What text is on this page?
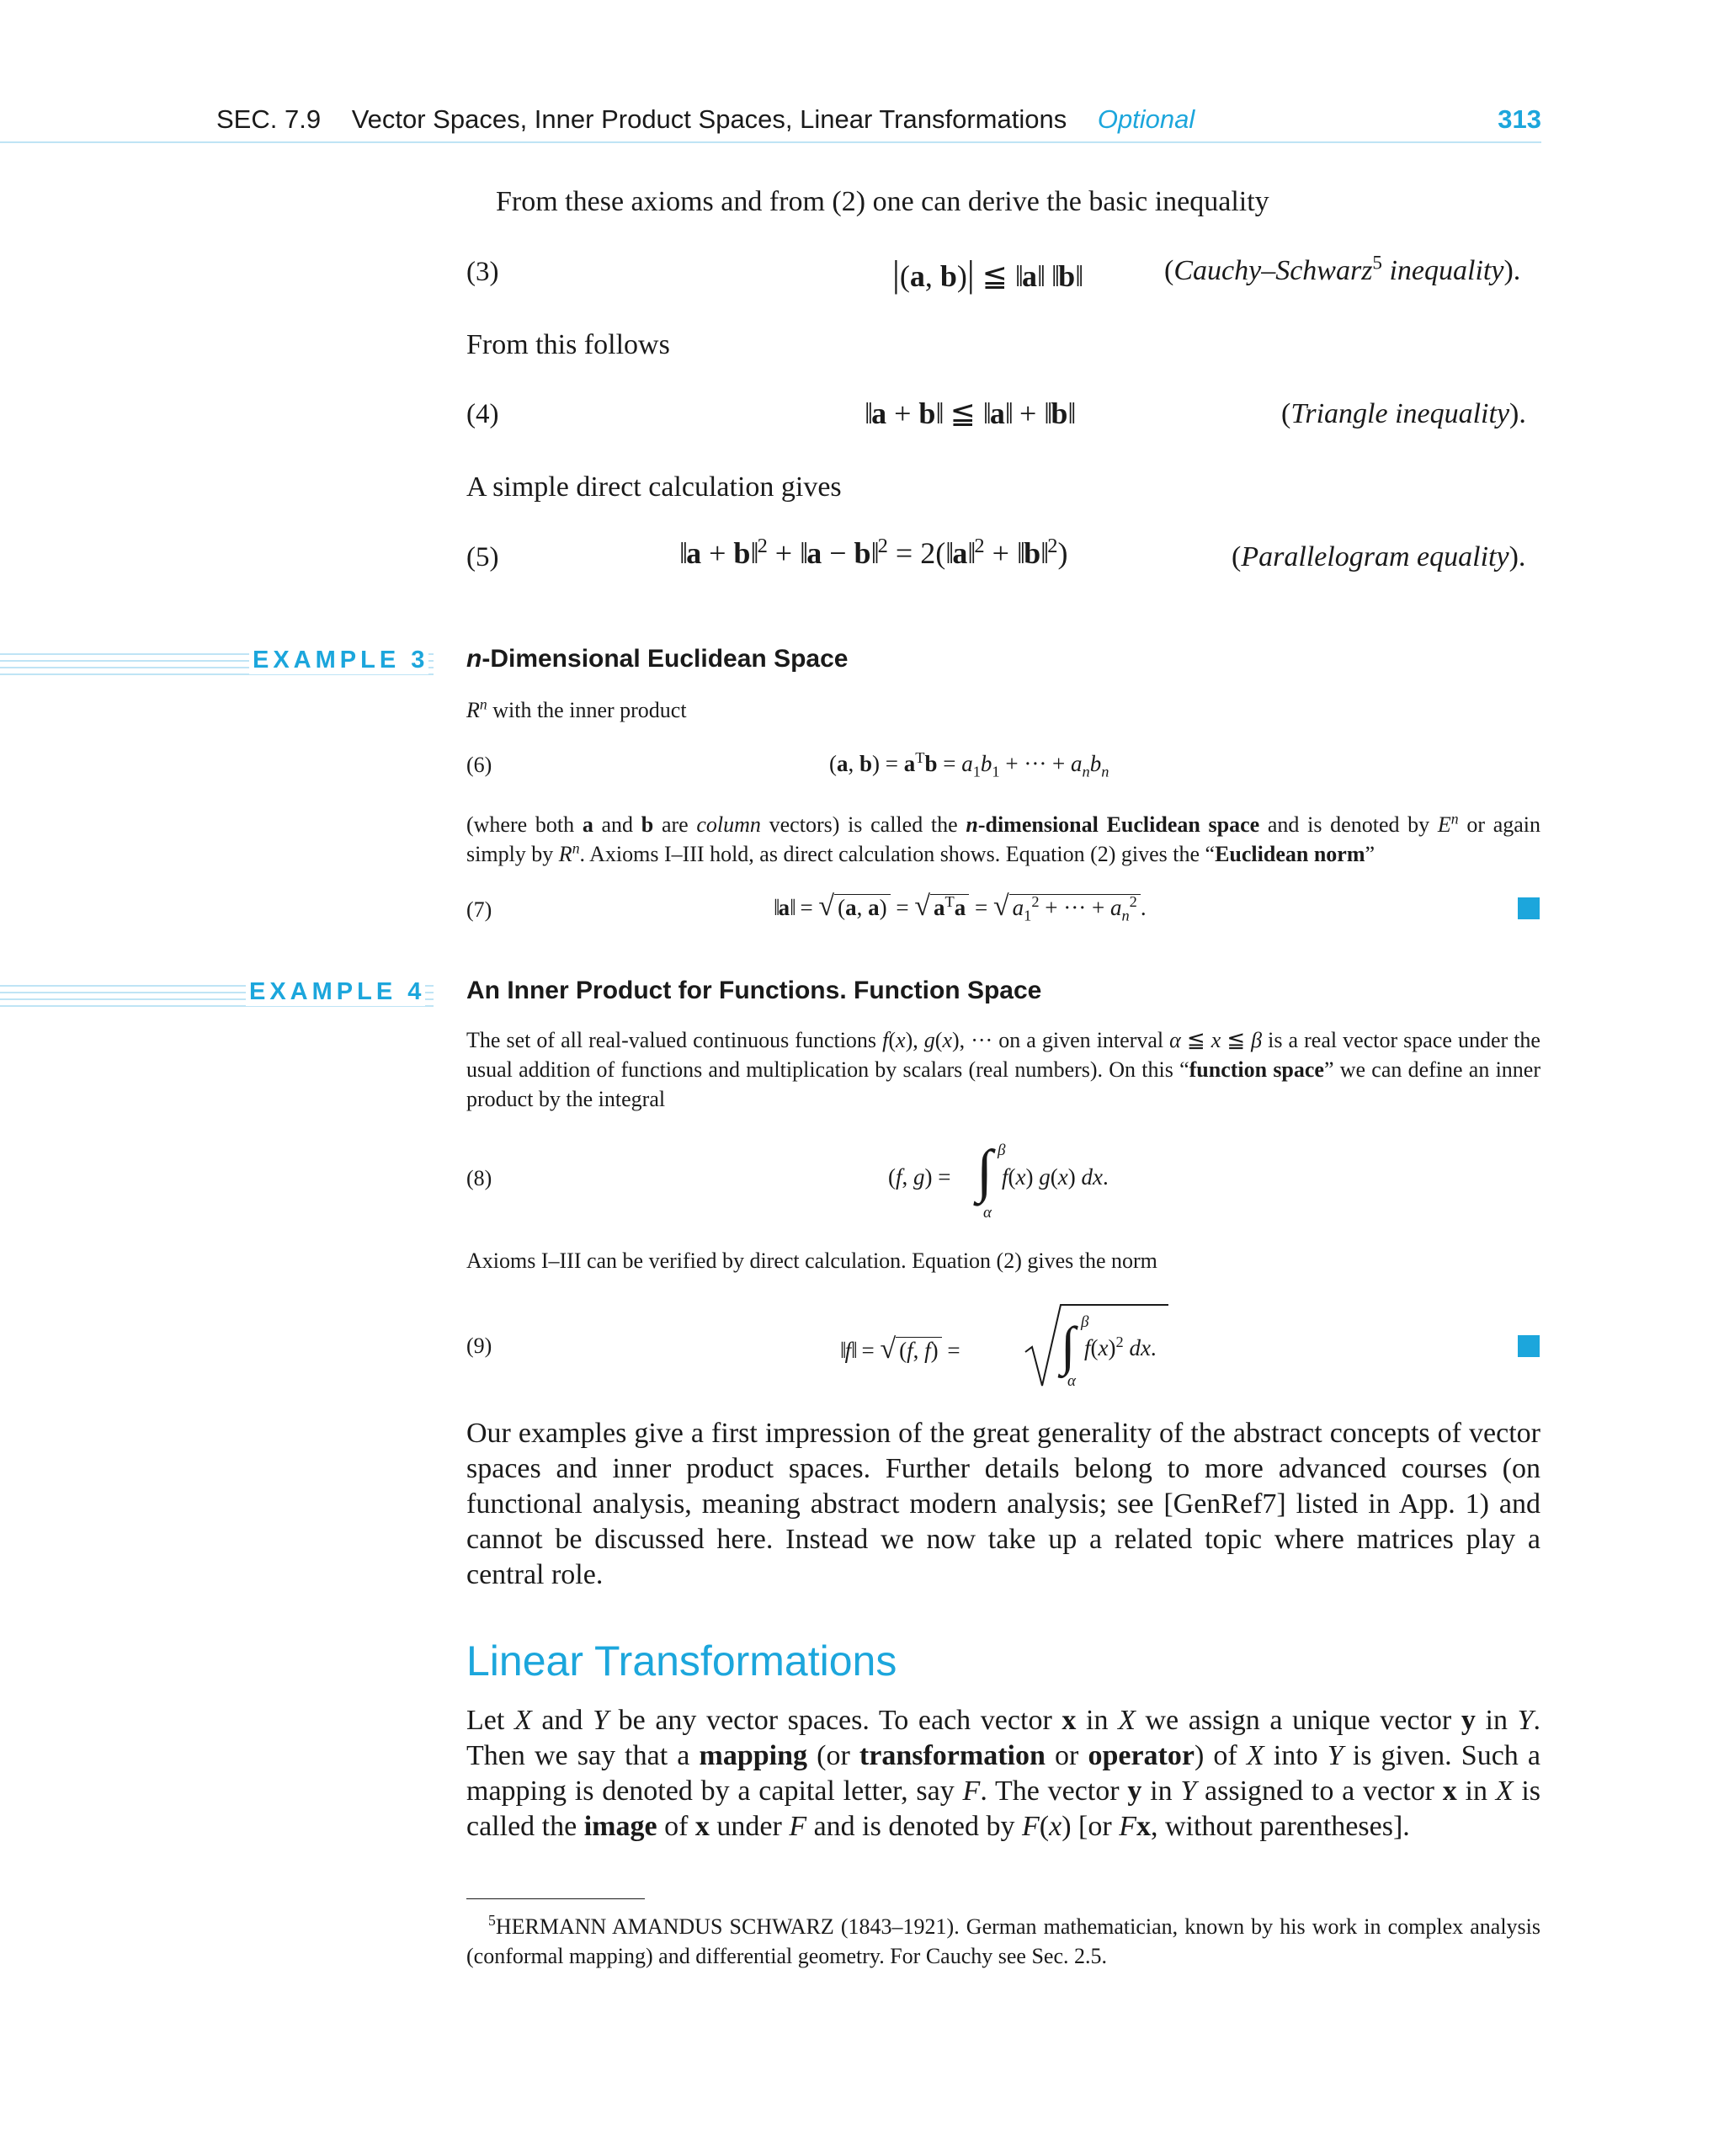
SEC. 7.9 Vector Spaces, Inner Product Spaces, Linear Transformations Optional	313
From these axioms and from (2) one can derive the basic inequality
(3)	|(a, b)| ≦ ‖a‖ ‖b‖	(Cauchy–Schwarz$^5$ inequality).
From this follows
(4)	‖a + b‖ ≦ ‖a‖ + ‖b‖	(Triangle inequality).
A simple direct calculation gives
(5)	‖a + b‖$^2$ + ‖a − b‖$^2$ = 2(‖a‖$^2$ + ‖b‖$^2$)	(Parallelogram equality).
EXAMPLE 3 n-Dimensional Euclidean Space
$R^n$ with the inner product
(6)	(a, $b) = a^Tb = a_1b_1$ + ··· + $a_nb_n$
(where both a and b are column vectors) is called the n-dimensional Euclidean space and is denoted by $E^n$ or again simply by $R^n$. Axioms I–III hold, as direct calculation shows. Equation (2) gives the “Euclidean norm”
(7)	‖a‖ = √ (a, a) = √ $a^Ta$ = √ $a_1^2$ + ··· + $a_n^2$ .
EXAMPLE 4 An Inner Product for Functions. Function Space
The set of all real-valued continuous functions f(x), g(x), ··· on a given interval α ≦ x ≦ β is a real vector space under the usual addition of functions and multiplication by scalars (real numbers). On this “function space” we can define an inner product by the integral
(8)	(f, g) = ∫ β
α
f(x) g(x) dx.
Axioms I–III can be verified by direct calculation. Equation (2) gives the norm
(9)	‖f‖ = √ (f, f) = ∫ β
α
$f(x)^2$ dx.
Our examples give a first impression of the great generality of the abstract concepts of vector spaces and inner product spaces. Further details belong to more advanced courses (on functional analysis, meaning abstract modern analysis; see [GenRef7] listed in App. 1) and cannot be discussed here. Instead we now take up a related topic where matrices play a central role.
Linear Transformations
Let X and Y be any vector spaces. To each vector x in X we assign a unique vector y in Y. Then we say that a mapping (or transformation or operator) of X into Y is given. Such a mapping is denoted by a capital letter, say F. The vector y in Y assigned to a vector x in X is called the image of x under F and is denoted by F(x) [or Fx, without parentheses].
$^5$HERMANN AMANDUS SCHWARZ (1843–1921). German mathematician, known by his work in complex analysis (conformal mapping) and differential geometry. For Cauchy see Sec. 2.5.
